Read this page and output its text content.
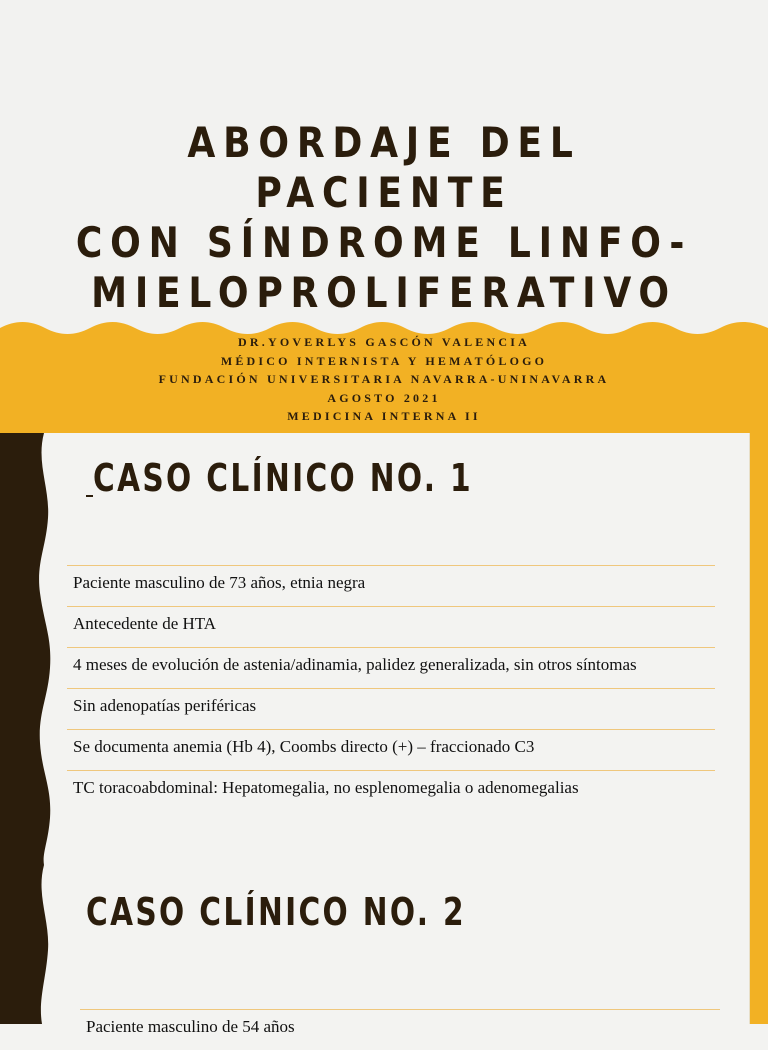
ABORDAJE DEL PACIENTE
CON SÍNDROME LINFO-
MIELOPROLIFERATIVO
DR.YOVERLYS GASCÓN VALENCIA
MÉDICO INTERNISTA Y HEMATÓLOGO
FUNDACIÓN UNIVERSITARIA NAVARRA-UNINAVARRA
AGOSTO 2021
MEDICINA INTERNA II
CASO CLÍNICO NO. 1
Paciente masculino de 73 años, etnia negra
Antecedente de HTA
4 meses de evolución de astenia/adinamia, palidez generalizada, sin otros síntomas
Sin adenopatías periféricas
Se documenta anemia (Hb 4), Coombs directo (+) – fraccionado C3
TC toracoabdominal: Hepatomegalia, no esplenomegalia o adenomegalias
CASO CLÍNICO NO. 2
Paciente masculino de 54 años
